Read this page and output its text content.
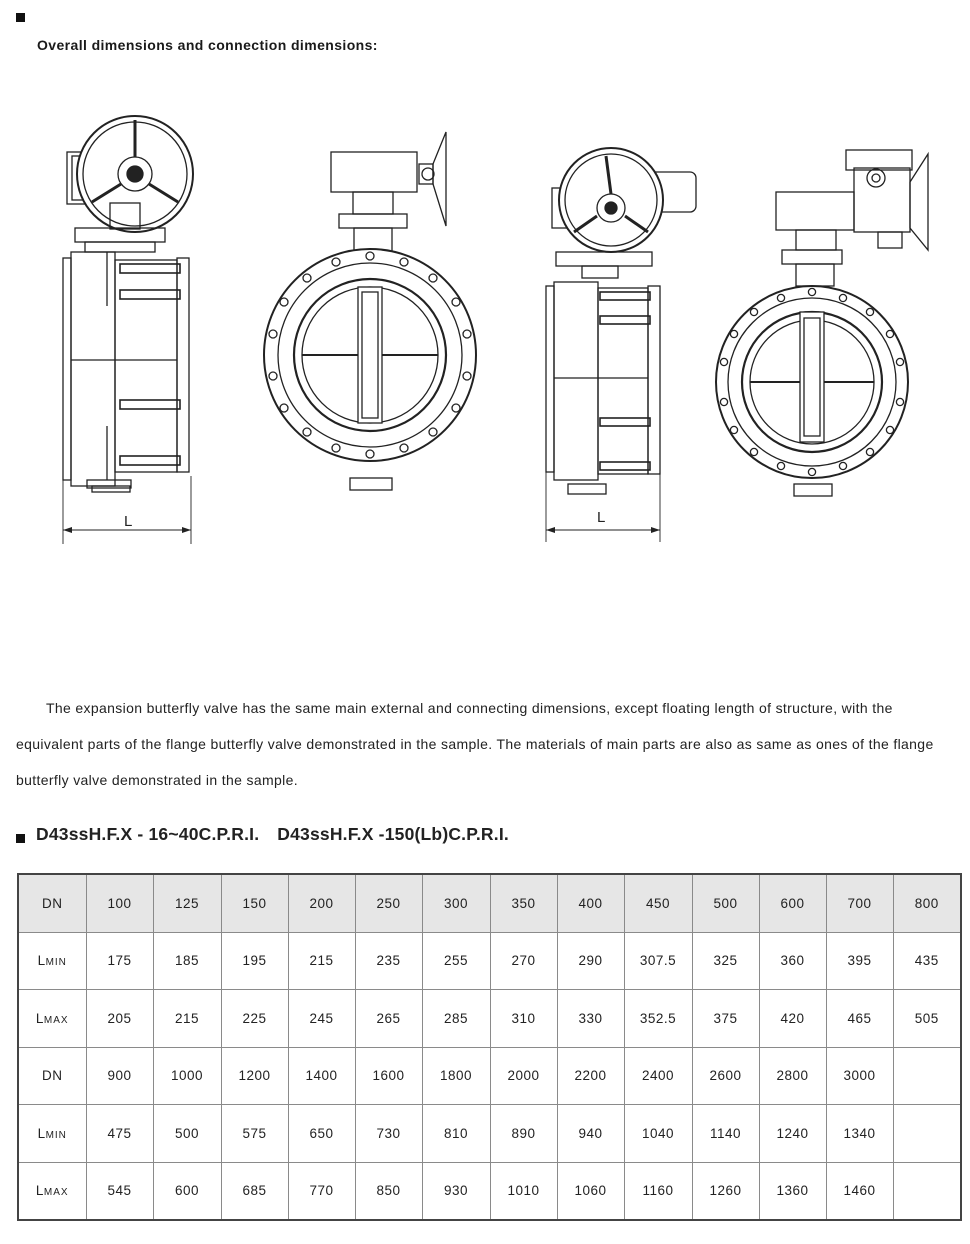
Overall dimensions and connection dimensions:
L	L
The expansion butterfly valve has the same main external and connecting dimensions, except floating length of structure, with the equivalent parts of the flange butterfly valve demonstrated in the sample. The materials of main parts are also as same as ones of the flange butterfly valve demonstrated in the sample.
D43ssH.F.X - 16~40C.P.R.I. D43ssH.F.X -150(Lb)C.P.R.I.
DN	100	125	150	200	250	300	350	400	450	500	600	700	800
LMIN	175	185	195	215	235	255	270	290	307.5	325	360	395	435
LMAX	205	215	225	245	265	285	310	330	352.5	375	420	465	505
DN	900	1000	1200	1400	1600	1800	2000	2200	2400	2600	2800	3000	
LMIN	475	500	575	650	730	810	890	940	1040	1140	1240	1340	
LMAX	545	600	685	770	850	930	1010	1060	1160	1260	1360	1460	
